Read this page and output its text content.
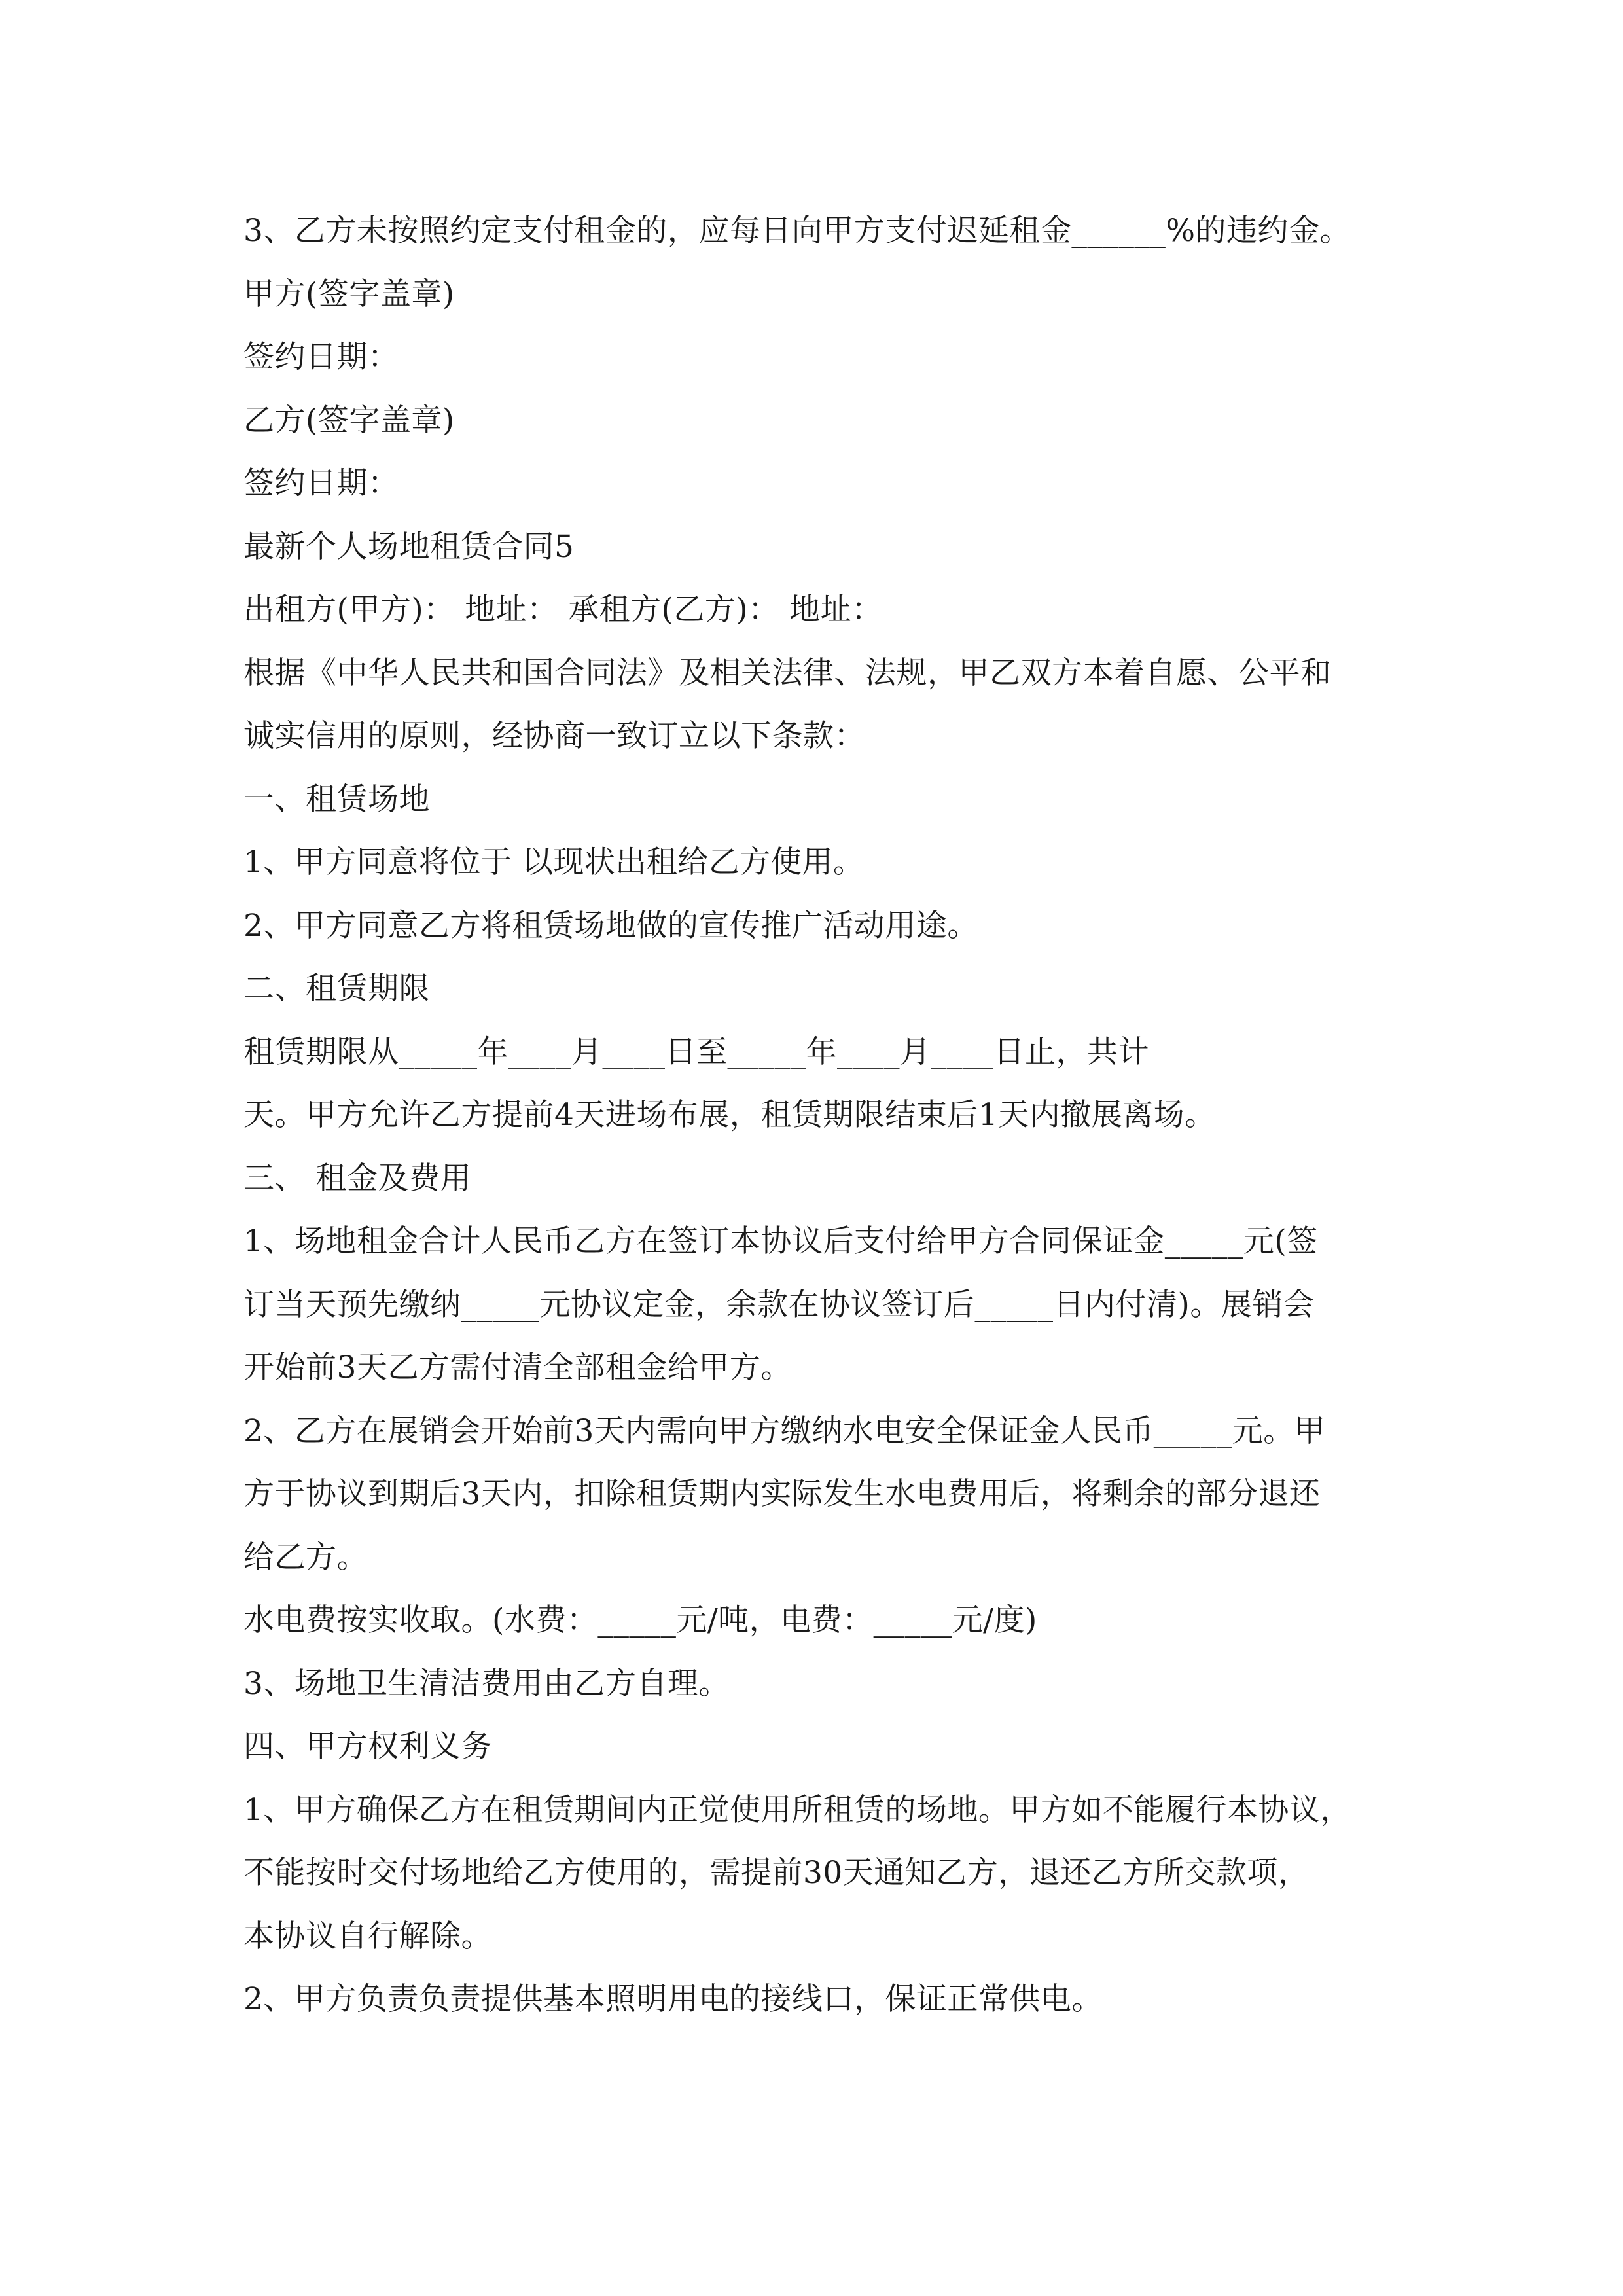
3、乙方未按照约定支付租金的，应每日向甲方支付迟延租金______%的违约金。
甲方(签字盖章)
签约日期：
乙方(签字盖章)
签约日期：
最新个人场地租赁合同5
出租方(甲方)： 地址： 承租方(乙方)： 地址：
根据《中华人民共和国合同法》及相关法律、法规，甲乙双方本着自愿、公平和
诚实信用的原则，经协商一致订立以下条款：
一、租赁场地
1、甲方同意将位于 以现状出租给乙方使用。
2、甲方同意乙方将租赁场地做的宣传推广活动用途。
二、租赁期限
租赁期限从_____年____月____日至_____年____月____日止，共计
天。甲方允许乙方提前4天进场布展，租赁期限结束后1天内撤展离场。
三、 租金及费用
1、场地租金合计人民币乙方在签订本协议后支付给甲方合同保证金_____元(签
订当天预先缴纳_____元协议定金，余款在协议签订后_____日内付清)。展销会
开始前3天乙方需付清全部租金给甲方。
2、乙方在展销会开始前3天内需向甲方缴纳水电安全保证金人民币_____元。甲
方于协议到期后3天内，扣除租赁期内实际发生水电费用后，将剩余的部分退还
给乙方。
水电费按实收取。(水费：_____元/吨，电费：_____元/度)
3、场地卫生清洁费用由乙方自理。
四、甲方权利义务
1、甲方确保乙方在租赁期间内正觉使用所租赁的场地。甲方如不能履行本协议，
不能按时交付场地给乙方使用的，需提前30天通知乙方，退还乙方所交款项，
本协议自行解除。
2、甲方负责负责提供基本照明用电的接线口，保证正常供电。
